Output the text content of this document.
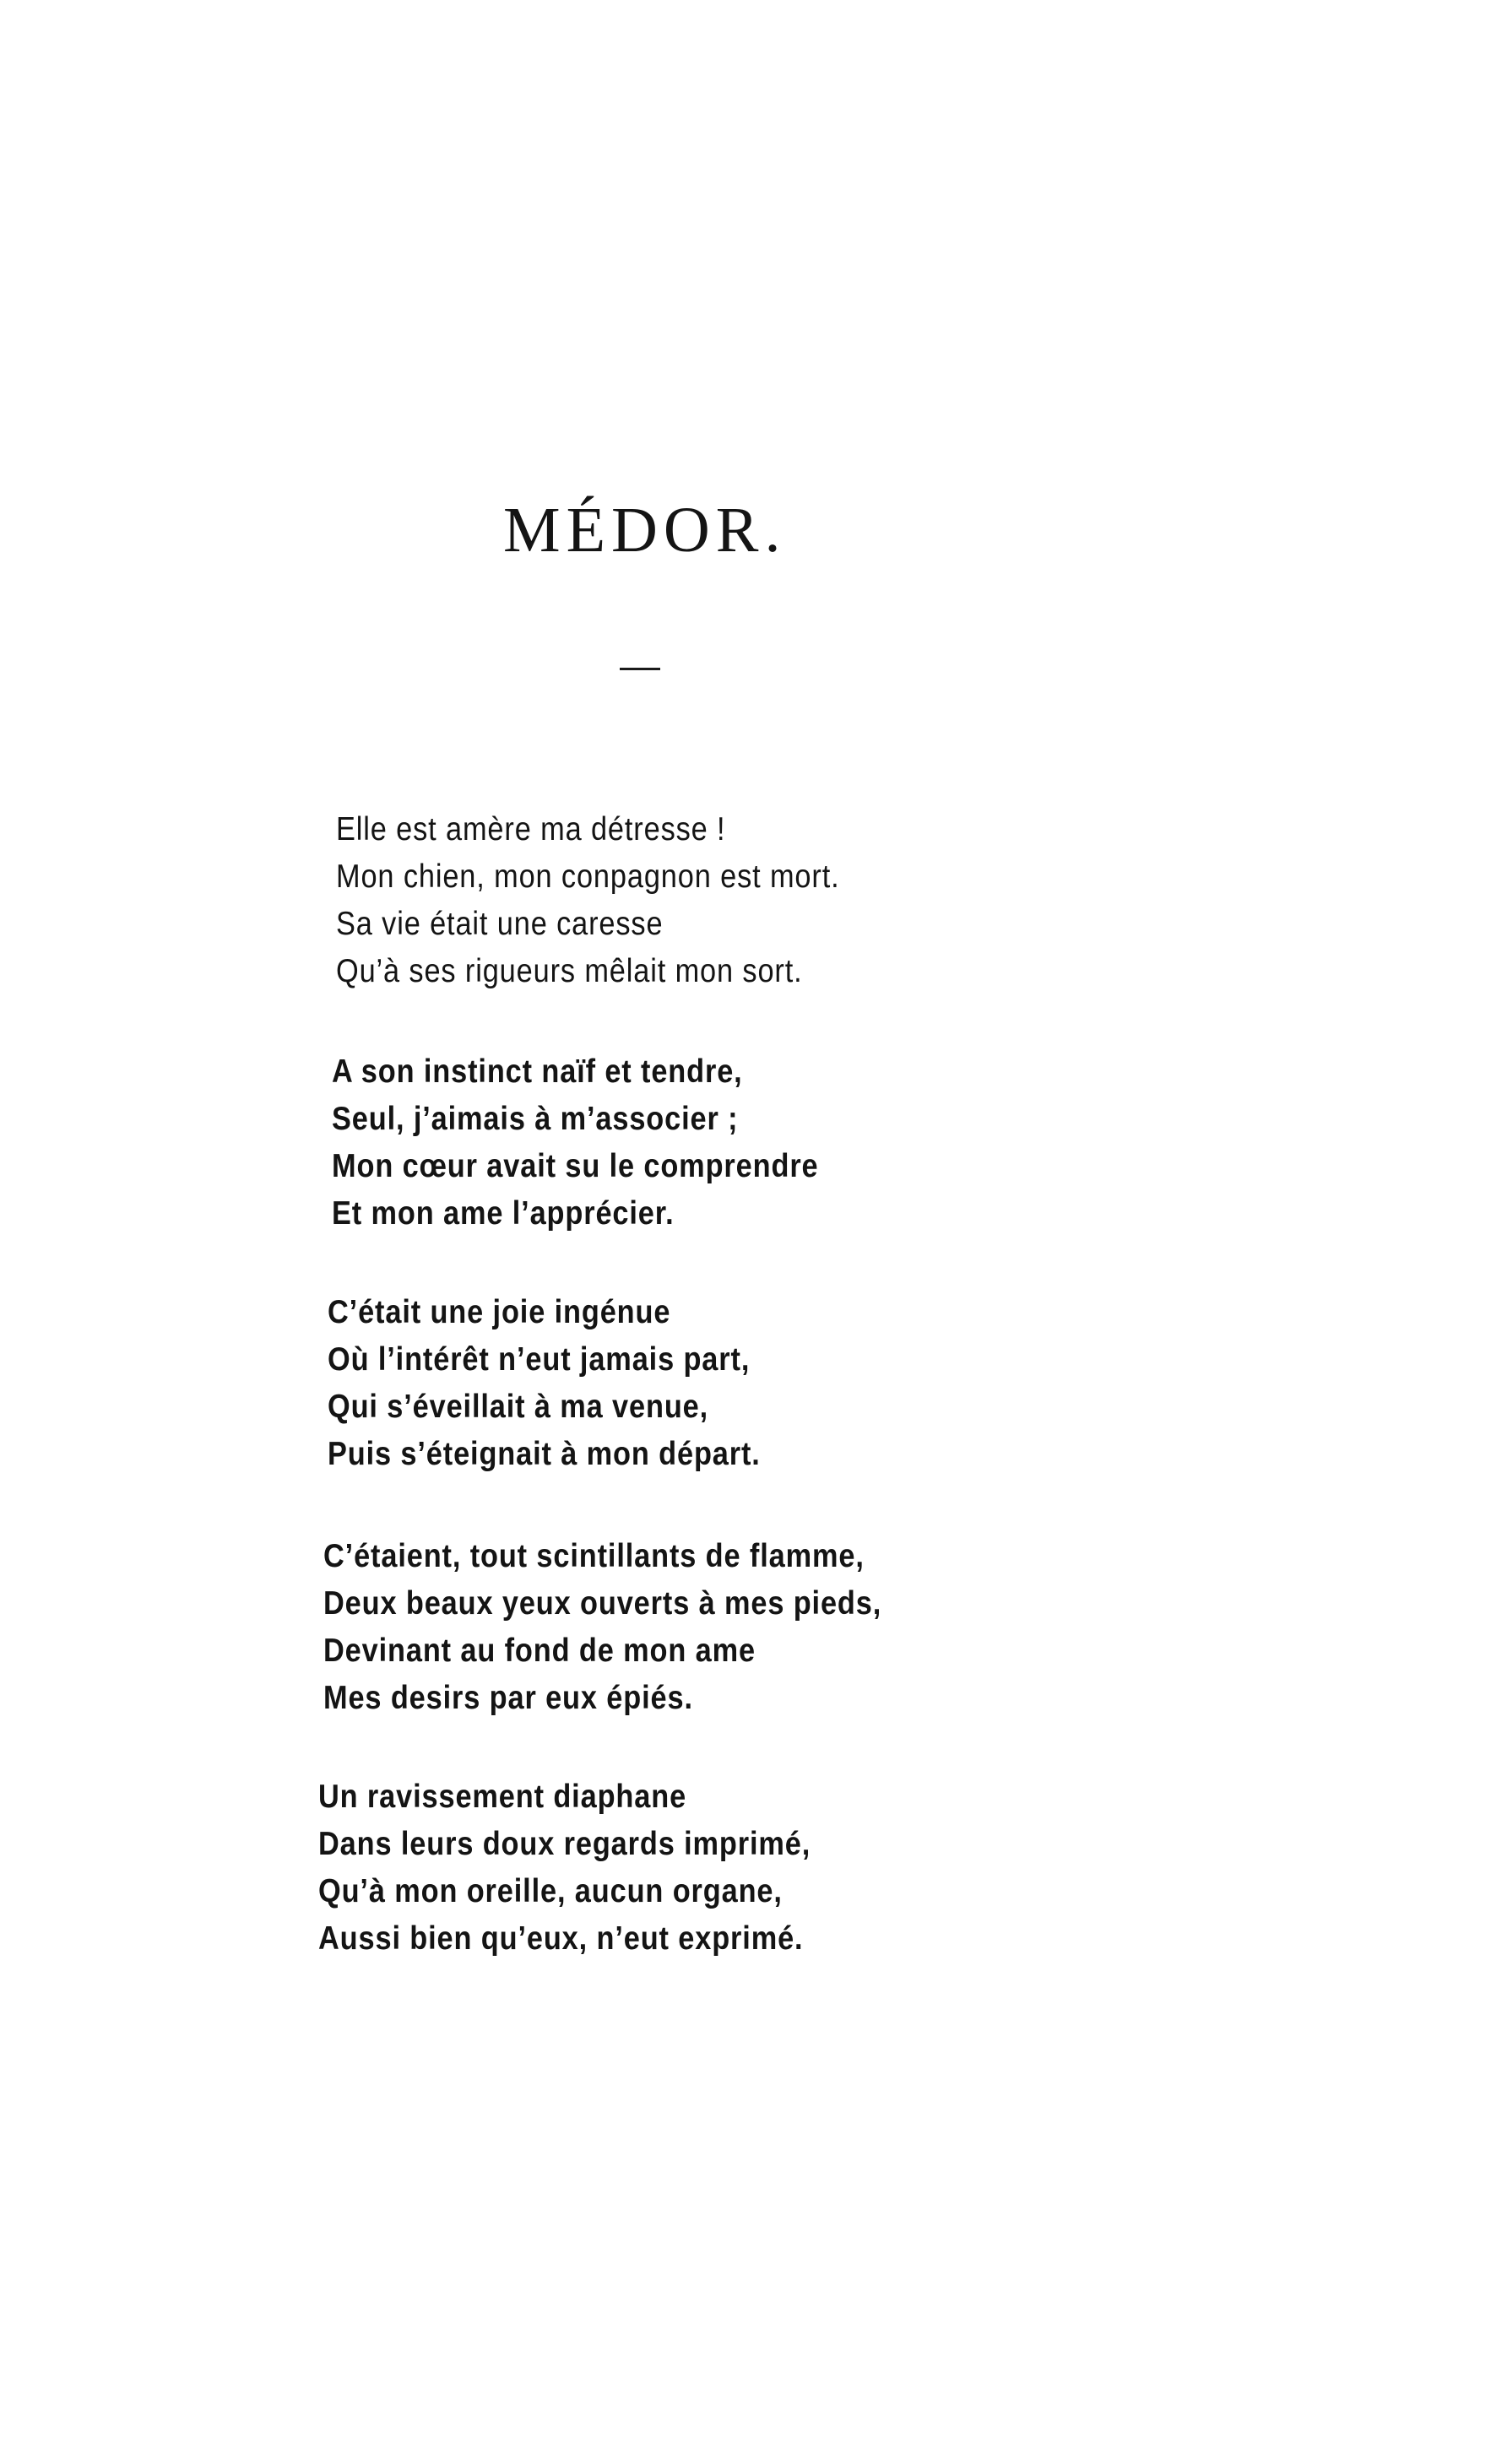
MÉDOR.

Elle est amère ma détresse !
Mon chien, mon conpagnon est mort.
Sa vie était une caresse
Qu’à ses rigueurs mêlait mon sort.

A son instinct naïf et tendre,
Seul, j’aimais à m’associer ;
Mon cœur avait su le comprendre
Et mon ame l’apprécier.

C’était une joie ingénue
Où l’intérêt n’eut jamais part,
Qui s’éveillait à ma venue,
Puis s’éteignait à mon départ.

C’étaient, tout scintillants de flamme,
Deux beaux yeux ouverts à mes pieds,
Devinant au fond de mon ame
Mes desirs par eux épiés.

Un ravissement diaphane
Dans leurs doux regards imprimé,
Qu’à mon oreille, aucun organe,
Aussi bien qu’eux, n’eut exprimé.
